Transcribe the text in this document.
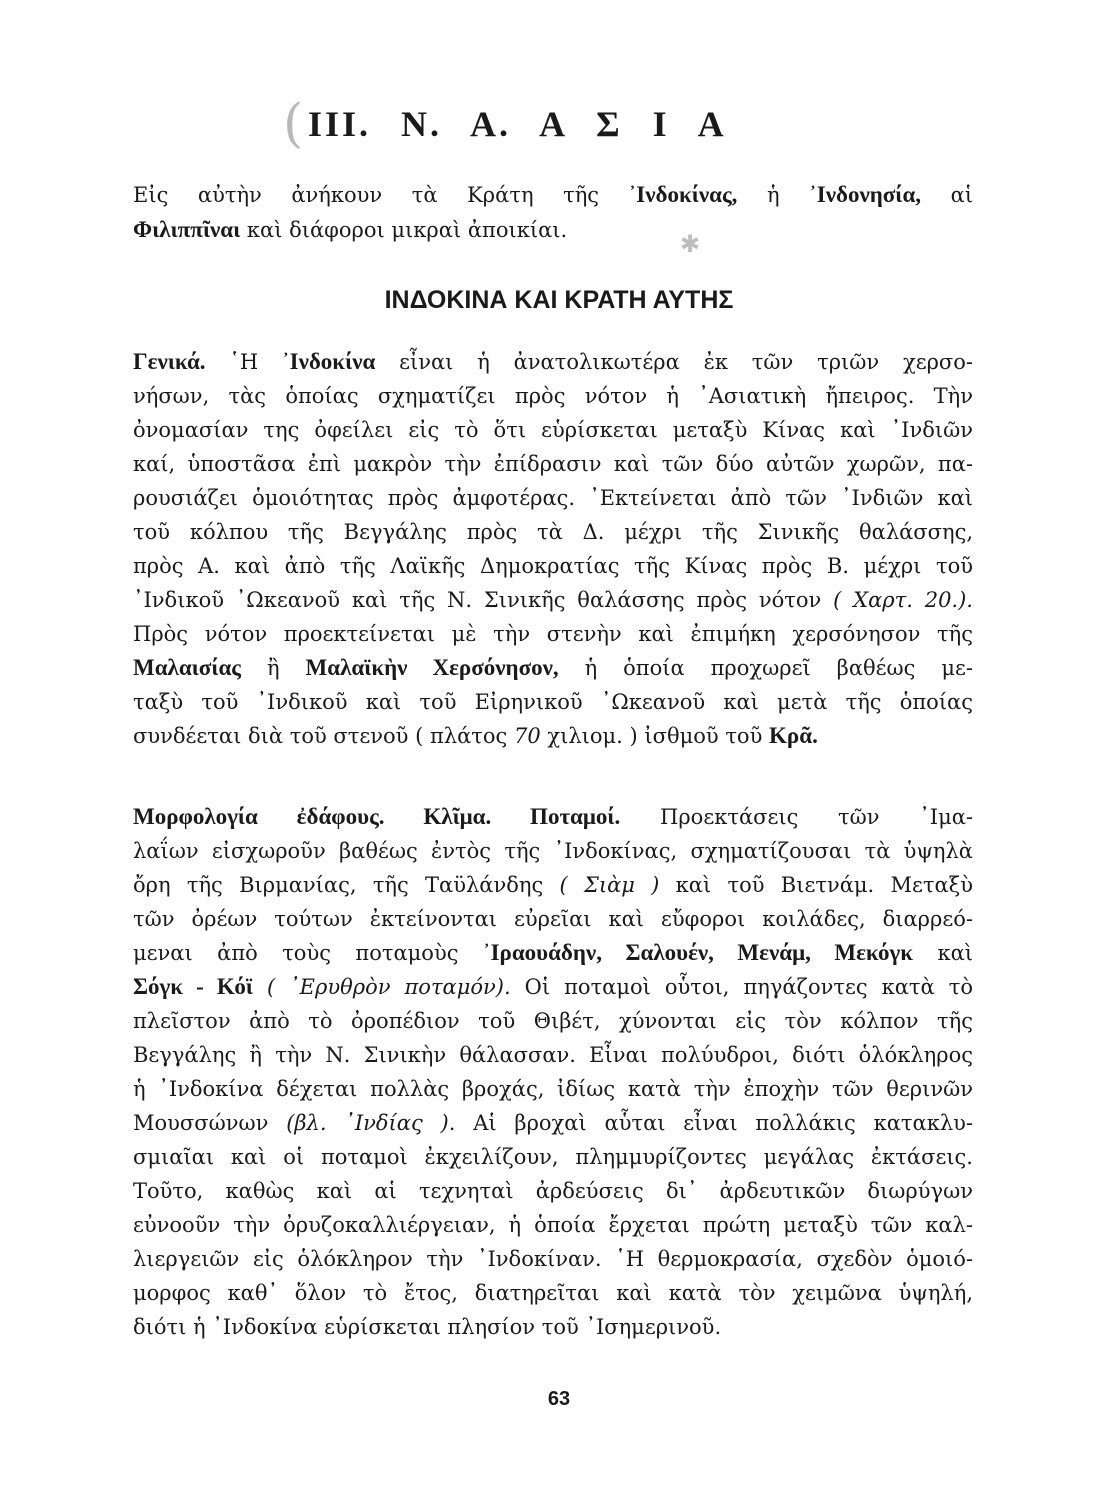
( III. Ν. Α. Α Σ Ι Α
Εἰς αὐτὴν ἀνήκουν τὰ Κράτη τῆς ᾿Ινδοκίνας, ἡ ᾿Ινδονησία, αἱ
Φιλιππῖναι καὶ διάφοροι μικραὶ ἀποικίαι.	✱
ΙΝΔΟΚΙΝΑ ΚΑΙ ΚΡΑΤΗ ΑΥΤΗΣ
Γενικά. ῾Η ᾿Ινδοκίνα εἶναι ἡ ἀνατολικωτέρα ἐκ τῶν τριῶν χερσο-
νήσων, τὰς ὁποίας σχηματίζει πρὸς νότον ἡ ᾿Ασιατικὴ ἤπειρος. Τὴν
ὀνομασίαν της ὀφείλει εἰς τὸ ὅτι εὑρίσκεται μεταξὺ Κίνας καὶ ᾿Ινδιῶν
καί, ὑποστᾶσα ἐπὶ μακρὸν τὴν ἐπίδρασιν καὶ τῶν δύο αὐτῶν χωρῶν, πα-
ρουσιάζει ὁμοιότητας πρὸς ἀμφοτέρας. ᾿Εκτείνεται ἀπὸ τῶν ᾿Ινδιῶν καὶ
τοῦ κόλπου τῆς Βεγγάλης πρὸς τὰ Δ. μέχρι τῆς Σινικῆς θαλάσσης,
πρὸς Α. καὶ ἀπὸ τῆς Λαϊκῆς Δημοκρατίας τῆς Κίνας πρὸς Β. μέχρι τοῦ
᾿Ινδικοῦ ᾿Ωκεανοῦ καὶ τῆς Ν. Σινικῆς θαλάσσης πρὸς νότον ( Χαρτ. 20.).
Πρὸς νότον προεκτείνεται μὲ τὴν στενὴν καὶ ἐπιμήκη χερσόνησον τῆς
Μαλαισίας ἢ Μαλαϊκὴν Χερσόνησον, ἡ ὁποία προχωρεῖ βαθέως με-
ταξὺ τοῦ ᾿Ινδικοῦ καὶ τοῦ Εἰρηνικοῦ ᾿Ωκεανοῦ καὶ μετὰ τῆς ὁποίας
συνδέεται διὰ τοῦ στενοῦ ( πλάτος 70 χιλιομ. ) ἰσθμοῦ τοῦ Κρᾶ.
Μορφολογία ἐδάφους. Κλῖμα. Ποταμοί. Προεκτάσεις τῶν ᾿Ιμα-
λαΐων εἰσχωροῦν βαθέως ἐντὸς τῆς ᾿Ινδοκίνας, σχηματίζουσαι τὰ ὑψηλὰ
ὄρη τῆς Βιρμανίας, τῆς Ταϋλάνδης ( Σιὰμ ) καὶ τοῦ Βιετνάμ. Μεταξὺ
τῶν ὀρέων τούτων ἐκτείνονται εὐρεῖαι καὶ εὔφοροι κοιλάδες, διαρρεό-
μεναι ἀπὸ τοὺς ποταμοὺς ᾿Ιραουάδην, Σαλουέν, Μενάμ, Μεκόγκ καὶ
Σόγκ - Κόϊ ( ᾿Ερυθρὸν ποταμόν). Οἱ ποταμοὶ οὗτοι, πηγάζοντες κατὰ τὸ
πλεῖστον ἀπὸ τὸ ὀροπέδιον τοῦ Θιβέτ, χύνονται εἰς τὸν κόλπον τῆς
Βεγγάλης ἢ τὴν Ν. Σινικὴν θάλασσαν. Εἶναι πολύυδροι, διότι ὁλόκληρος
ἡ ᾿Ινδοκίνα δέχεται πολλὰς βροχάς, ἰδίως κατὰ τὴν ἐποχὴν τῶν θερινῶν
Μουσσώνων (βλ. ᾿Ινδίας ). Αἱ βροχαὶ αὗται εἶναι πολλάκις κατακλυ-
σμιαῖαι καὶ οἱ ποταμοὶ ἐκχειλίζουν, πλημμυρίζοντες μεγάλας ἐκτάσεις.
Τοῦτο, καθὼς καὶ αἱ τεχνηταὶ ἀρδεύσεις δι᾿ ἀρδευτικῶν διωρύγων
εὐνοοῦν τὴν ὀρυζοκαλλιέργειαν, ἡ ὁποία ἔρχεται πρώτη μεταξὺ τῶν καλ-
λιεργειῶν εἰς ὁλόκληρον τὴν ᾿Ινδοκίναν. ῾Η θερμοκρασία, σχεδὸν ὁμοιό-
μορφος καθ᾿ ὅλον τὸ ἔτος, διατηρεῖται καὶ κατὰ τὸν χειμῶνα ὑψηλή,
διότι ἡ ᾿Ινδοκίνα εὑρίσκεται πλησίον τοῦ ᾿Ισημερινοῦ.
63
